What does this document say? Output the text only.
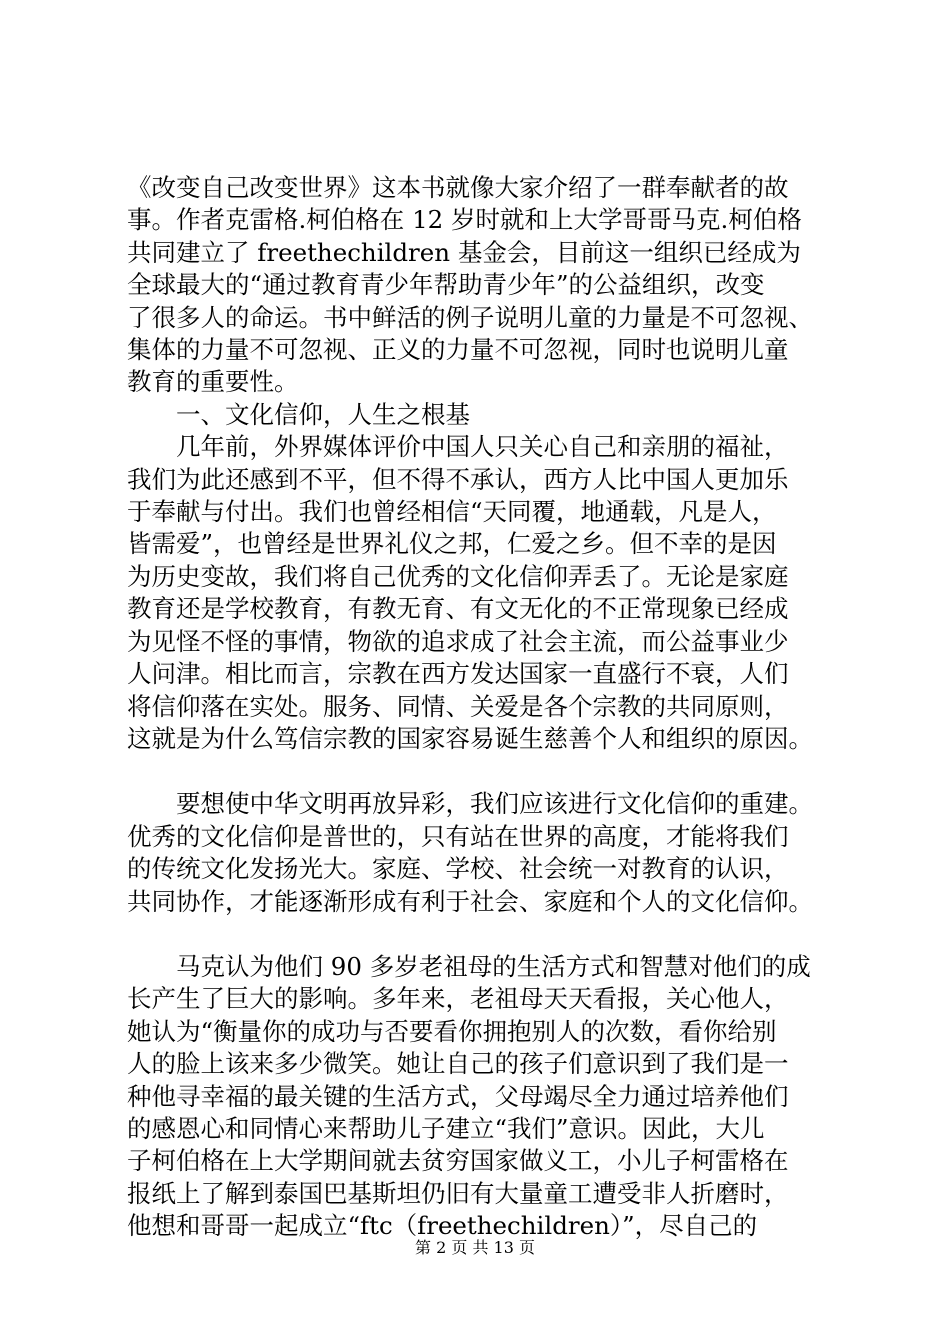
《改变自己改变世界》这本书就像大家介绍了一群奉献者的故

事。作者克雷格.柯伯格在 12 岁时就和上大学哥哥马克.柯伯格

共同建立了 freethechildren 基金会，目前这一组织已经成为

全球最大的“通过教育青少年帮助青少年”的公益组织，改变

了很多人的命运。书中鲜活的例子说明儿童的力量是不可忽视、

集体的力量不可忽视、正义的力量不可忽视，同时也说明儿童

教育的重要性。

　　一、文化信仰，人生之根基

　　几年前，外界媒体评价中国人只关心自己和亲朋的福祉，

我们为此还感到不平，但不得不承认，西方人比中国人更加乐

于奉献与付出。我们也曾经相信“天同覆，地通载，凡是人，

皆需爱”，也曾经是世界礼仪之邦，仁爱之乡。但不幸的是因

为历史变故，我们将自己优秀的文化信仰弄丢了。无论是家庭

教育还是学校教育，有教无育、有文无化的不正常现象已经成

为见怪不怪的事情，物欲的追求成了社会主流，而公益事业少

人问津。相比而言，宗教在西方发达国家一直盛行不衰，人们

将信仰落在实处。服务、同情、关爱是各个宗教的共同原则，

这就是为什么笃信宗教的国家容易诞生慈善个人和组织的原因。

　　要想使中华文明再放异彩，我们应该进行文化信仰的重建。

优秀的文化信仰是普世的，只有站在世界的高度，才能将我们

的传统文化发扬光大。家庭、学校、社会统一对教育的认识，

共同协作，才能逐渐形成有利于社会、家庭和个人的文化信仰。

　　马克认为他们 90 多岁老祖母的生活方式和智慧对他们的成

长产生了巨大的影响。多年来，老祖母天天看报，关心他人，

她认为“衡量你的成功与否要看你拥抱别人的次数，看你给别

人的脸上该来多少微笑。她让自己的孩子们意识到了我们是一

种他寻幸福的最关键的生活方式，父母竭尽全力通过培养他们

的感恩心和同情心来帮助儿子建立“我们”意识。因此，大儿

子柯伯格在上大学期间就去贫穷国家做义工，小儿子柯雷格在

报纸上了解到泰国巴基斯坦仍旧有大量童工遭受非人折磨时，

他想和哥哥一起成立“ftc（freethechildren）”，尽自己的

第 2 页 共 13 页
